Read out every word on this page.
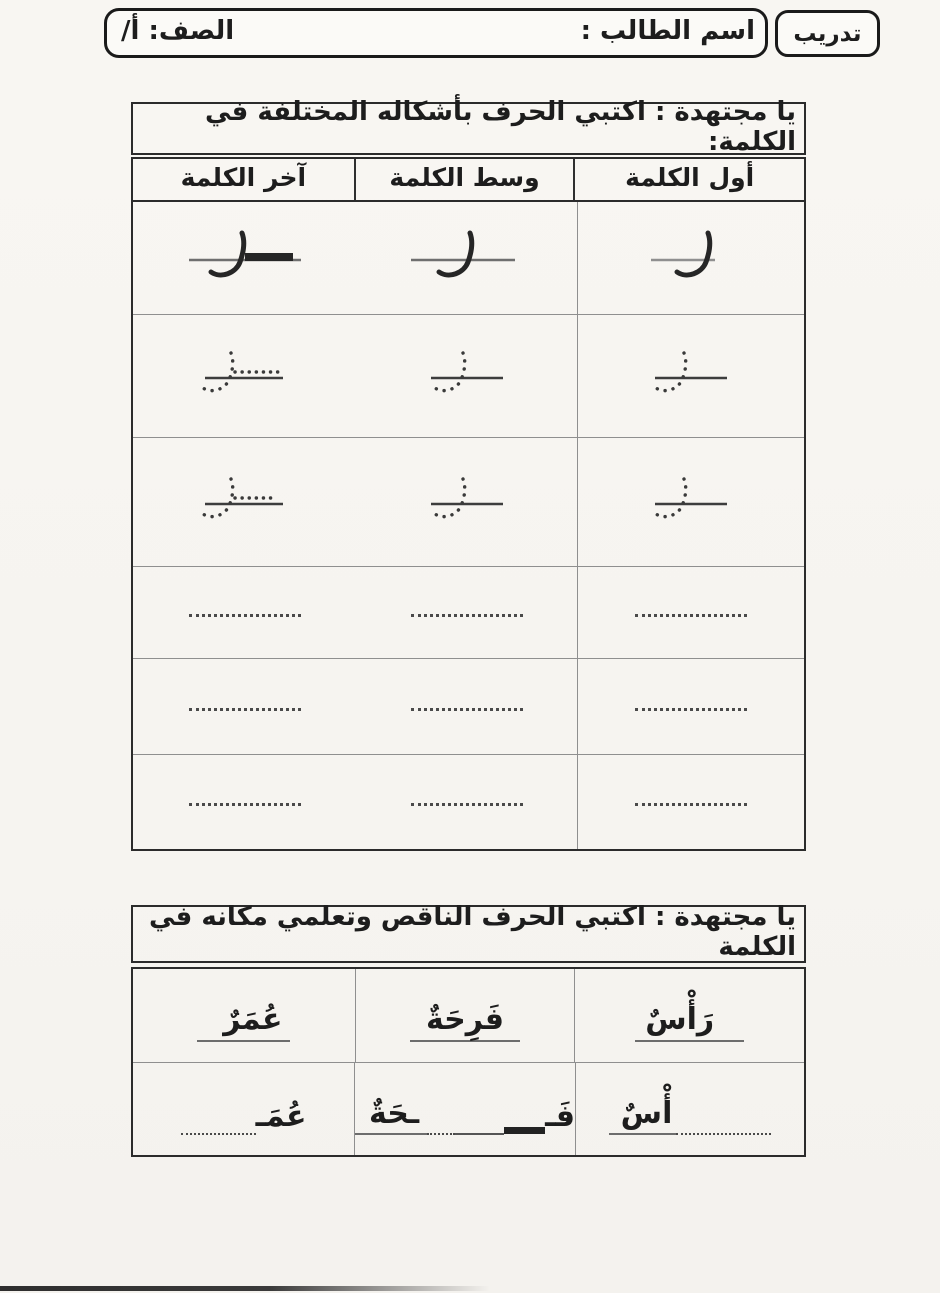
تدريب
اسم الطالب :
الصف: أ/
يا مجتهدة : اكتبي الحرف بأشكاله المختلفة في الكلمة:
أول الكلمة
وسط الكلمة
آخر الكلمة
يا مجتهدة : اكتبي الحرف الناقص وتعلمي مكانه في الكلمة
رَأْسٌ
فَرِحَةٌ
عُمَرٌ
أْسٌ
فَـ
ـحَةٌ
عُمَـ
